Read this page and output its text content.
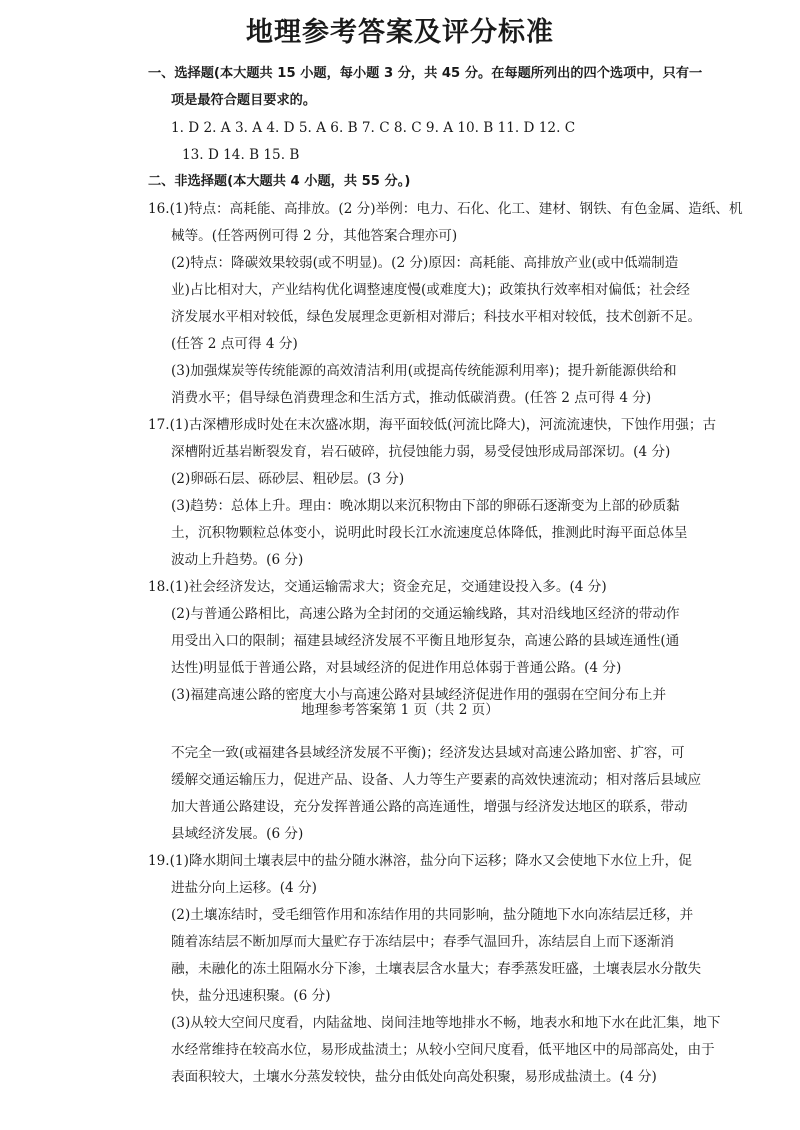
地理参考答案及评分标准
一、选择题(本大题共 15 小题，每小题 3 分，共 45 分。在每题所列出的四个选项中，只有一
项是最符合题目要求的。
1. D 2. A 3. A 4. D 5. A 6. B 7. C 8. C 9. A 10. B 11. D 12. C
13. D 14. B 15. B
二、非选择题(本大题共 4 小题，共 55 分。)
16.(1)特点：高耗能、高排放。(2 分)举例：电力、石化、化工、建材、钢铁、有色金属、造纸、机
械等。(任答两例可得 2 分，其他答案合理亦可)
(2)特点：降碳效果较弱(或不明显)。(2 分)原因：高耗能、高排放产业(或中低端制造
业)占比相对大，产业结构优化调整速度慢(或难度大)；政策执行效率相对偏低；社会经
济发展水平相对较低，绿色发展理念更新相对滞后；科技水平相对较低，技术创新不足。
(任答 2 点可得 4 分)
(3)加强煤炭等传统能源的高效清洁利用(或提高传统能源利用率)；提升新能源供给和
消费水平；倡导绿色消费理念和生活方式，推动低碳消费。(任答 2 点可得 4 分)
17.(1)古深槽形成时处在末次盛冰期，海平面较低(河流比降大)，河流流速快，下蚀作用强；古
深槽附近基岩断裂发育，岩石破碎，抗侵蚀能力弱，易受侵蚀形成局部深切。(4 分)
(2)卵砾石层、砾砂层、粗砂层。(3 分)
(3)趋势：总体上升。理由：晚冰期以来沉积物由下部的卵砾石逐渐变为上部的砂质黏
土，沉积物颗粒总体变小，说明此时段长江水流速度总体降低，推测此时海平面总体呈
波动上升趋势。(6 分)
18.(1)社会经济发达，交通运输需求大；资金充足，交通建设投入多。(4 分)
(2)与普通公路相比，高速公路为全封闭的交通运输线路，其对沿线地区经济的带动作
用受出入口的限制；福建县域经济发展不平衡且地形复杂，高速公路的县域连通性(通
达性)明显低于普通公路，对县域经济的促进作用总体弱于普通公路。(4 分)
(3)福建高速公路的密度大小与高速公路对县域经济促进作用的强弱在空间分布上并
地理参考答案第 1 页（共 2 页）
不完全一致(或福建各县域经济发展不平衡)；经济发达县域对高速公路加密、扩容，可
缓解交通运输压力，促进产品、设备、人力等生产要素的高效快速流动；相对落后县域应
加大普通公路建设，充分发挥普通公路的高连通性，增强与经济发达地区的联系，带动
县域经济发展。(6 分)
19.(1)降水期间土壤表层中的盐分随水淋溶，盐分向下运移；降水又会使地下水位上升，促
进盐分向上运移。(4 分)
(2)土壤冻结时，受毛细管作用和冻结作用的共同影响，盐分随地下水向冻结层迁移，并
随着冻结层不断加厚而大量贮存于冻结层中；春季气温回升，冻结层自上而下逐渐消
融，未融化的冻土阻隔水分下渗，土壤表层含水量大；春季蒸发旺盛，土壤表层水分散失
快，盐分迅速积聚。(6 分)
(3)从较大空间尺度看，内陆盆地、岗间洼地等地排水不畅，地表水和地下水在此汇集，地下
水经常维持在较高水位，易形成盐渍土；从较小空间尺度看，低平地区中的局部高处，由于
表面积较大，土壤水分蒸发较快，盐分由低处向高处积聚，易形成盐渍土。(4 分)
